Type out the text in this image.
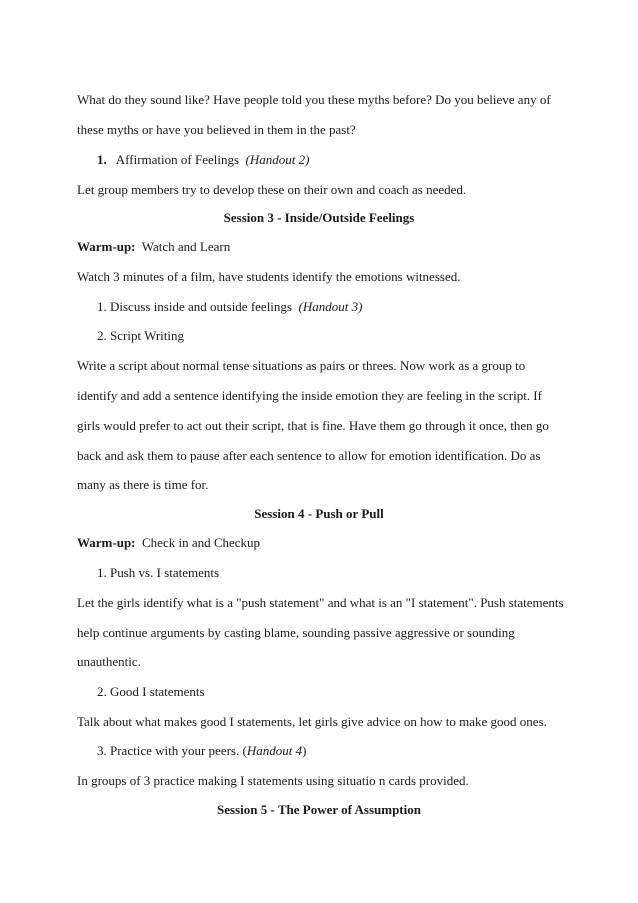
What do they sound like? Have people told you these myths before? Do you believe any of
these myths or have you believed in them in the past?
1. Affirmation of Feelings (Handout 2)
Let group members try to develop these on their own and coach as needed.
Session 3 - Inside/Outside Feelings
Warm-up: Watch and Learn
Watch 3 minutes of a film, have students identify the emotions witnessed.
1. Discuss inside and outside feelings (Handout 3)
2. Script Writing
Write a script about normal tense situations as pairs or threes. Now work as a group to
identify and add a sentence identifying the inside emotion they are feeling in the script. If
girls would prefer to act out their script, that is fine. Have them go through it once, then go
back and ask them to pause after each sentence to allow for emotion identification. Do as
many as there is time for.
Session 4 - Push or Pull
Warm-up: Check in and Checkup
1. Push vs. I statements
Let the girls identify what is a "push statement" and what is an "I statement". Push statements
help continue arguments by casting blame, sounding passive aggressive or sounding
unauthentic.
2. Good I statements
Talk about what makes good I statements, let girls give advice on how to make good ones.
3. Practice with your peers. (Handout 4)
In groups of 3 practice making I statements using situatio n cards provided.
Session 5 - The Power of Assumption
